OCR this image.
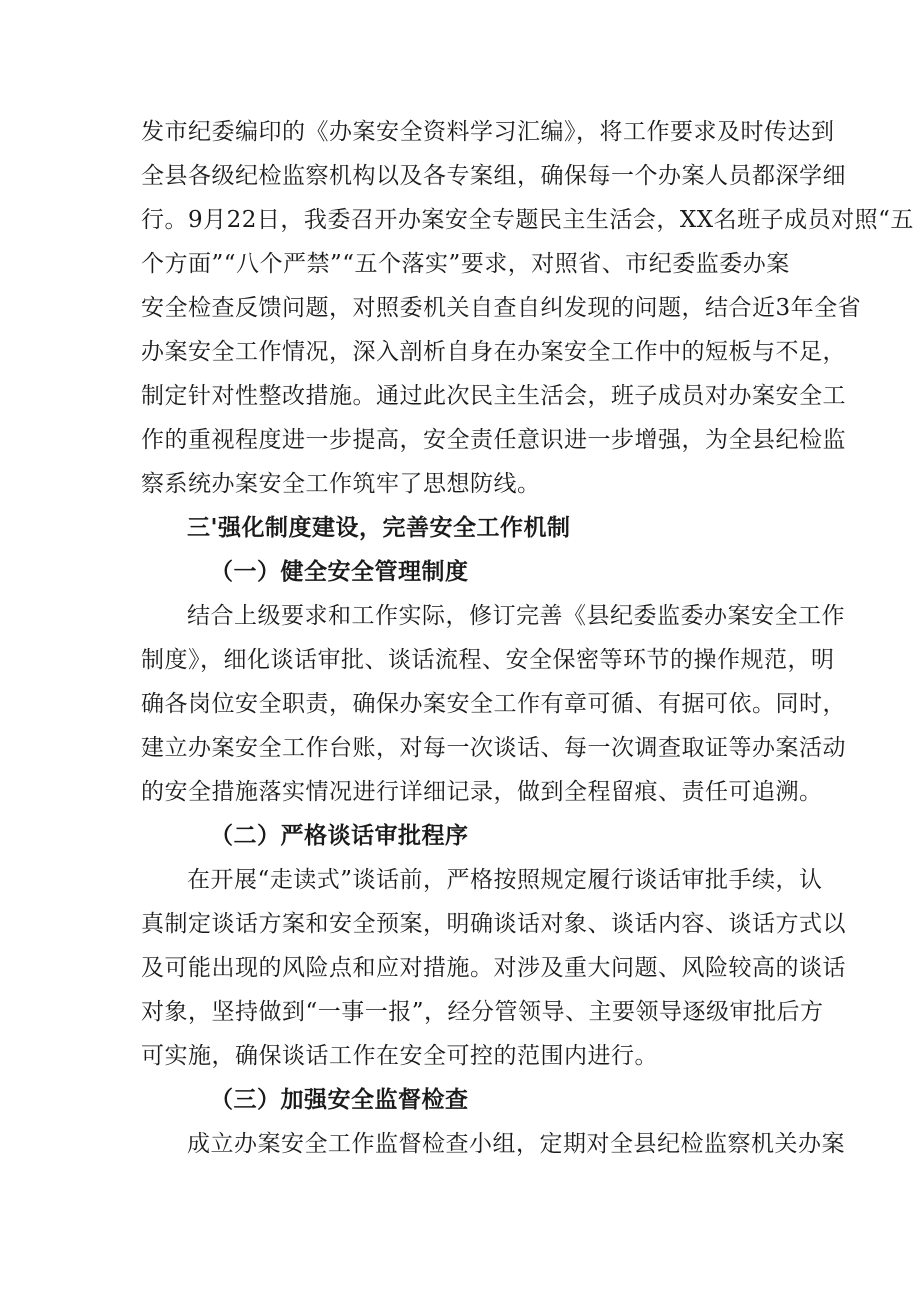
发市纪委编印的《办案安全资料学习汇编》，将工作要求及时传达到
全县各级纪检监察机构以及各专案组，确保每一个办案人员都深学细
行。9月22日，我委召开办案安全专题民主生活会，XX名班子成员对照“五
个方面”“八个严禁”“五个落实”要求，对照省、市纪委监委办案
安全检查反馈问题，对照委机关自查自纠发现的问题，结合近3年全省
办案安全工作情况，深入剖析自身在办案安全工作中的短板与不足，
制定针对性整改措施。通过此次民主生活会，班子成员对办案安全工
作的重视程度进一步提高，安全责任意识进一步增强，为全县纪检监
察系统办案安全工作筑牢了思想防线。
三'强化制度建设，完善安全工作机制
（一）健全安全管理制度
结合上级要求和工作实际，修订完善《县纪委监委办案安全工作
制度》，细化谈话审批、谈话流程、安全保密等环节的操作规范，明
确各岗位安全职责，确保办案安全工作有章可循、有据可依。同时，
建立办案安全工作台账，对每一次谈话、每一次调查取证等办案活动
的安全措施落实情况进行详细记录，做到全程留痕、责任可追溯。
（二）严格谈话审批程序
在开展“走读式”谈话前，严格按照规定履行谈话审批手续，认
真制定谈话方案和安全预案，明确谈话对象、谈话内容、谈话方式以
及可能出现的风险点和应对措施。对涉及重大问题、风险较高的谈话
对象，坚持做到“一事一报”，经分管领导、主要领导逐级审批后方
可实施，确保谈话工作在安全可控的范围内进行。
（三）加强安全监督检查
成立办案安全工作监督检查小组，定期对全县纪检监察机关办案
